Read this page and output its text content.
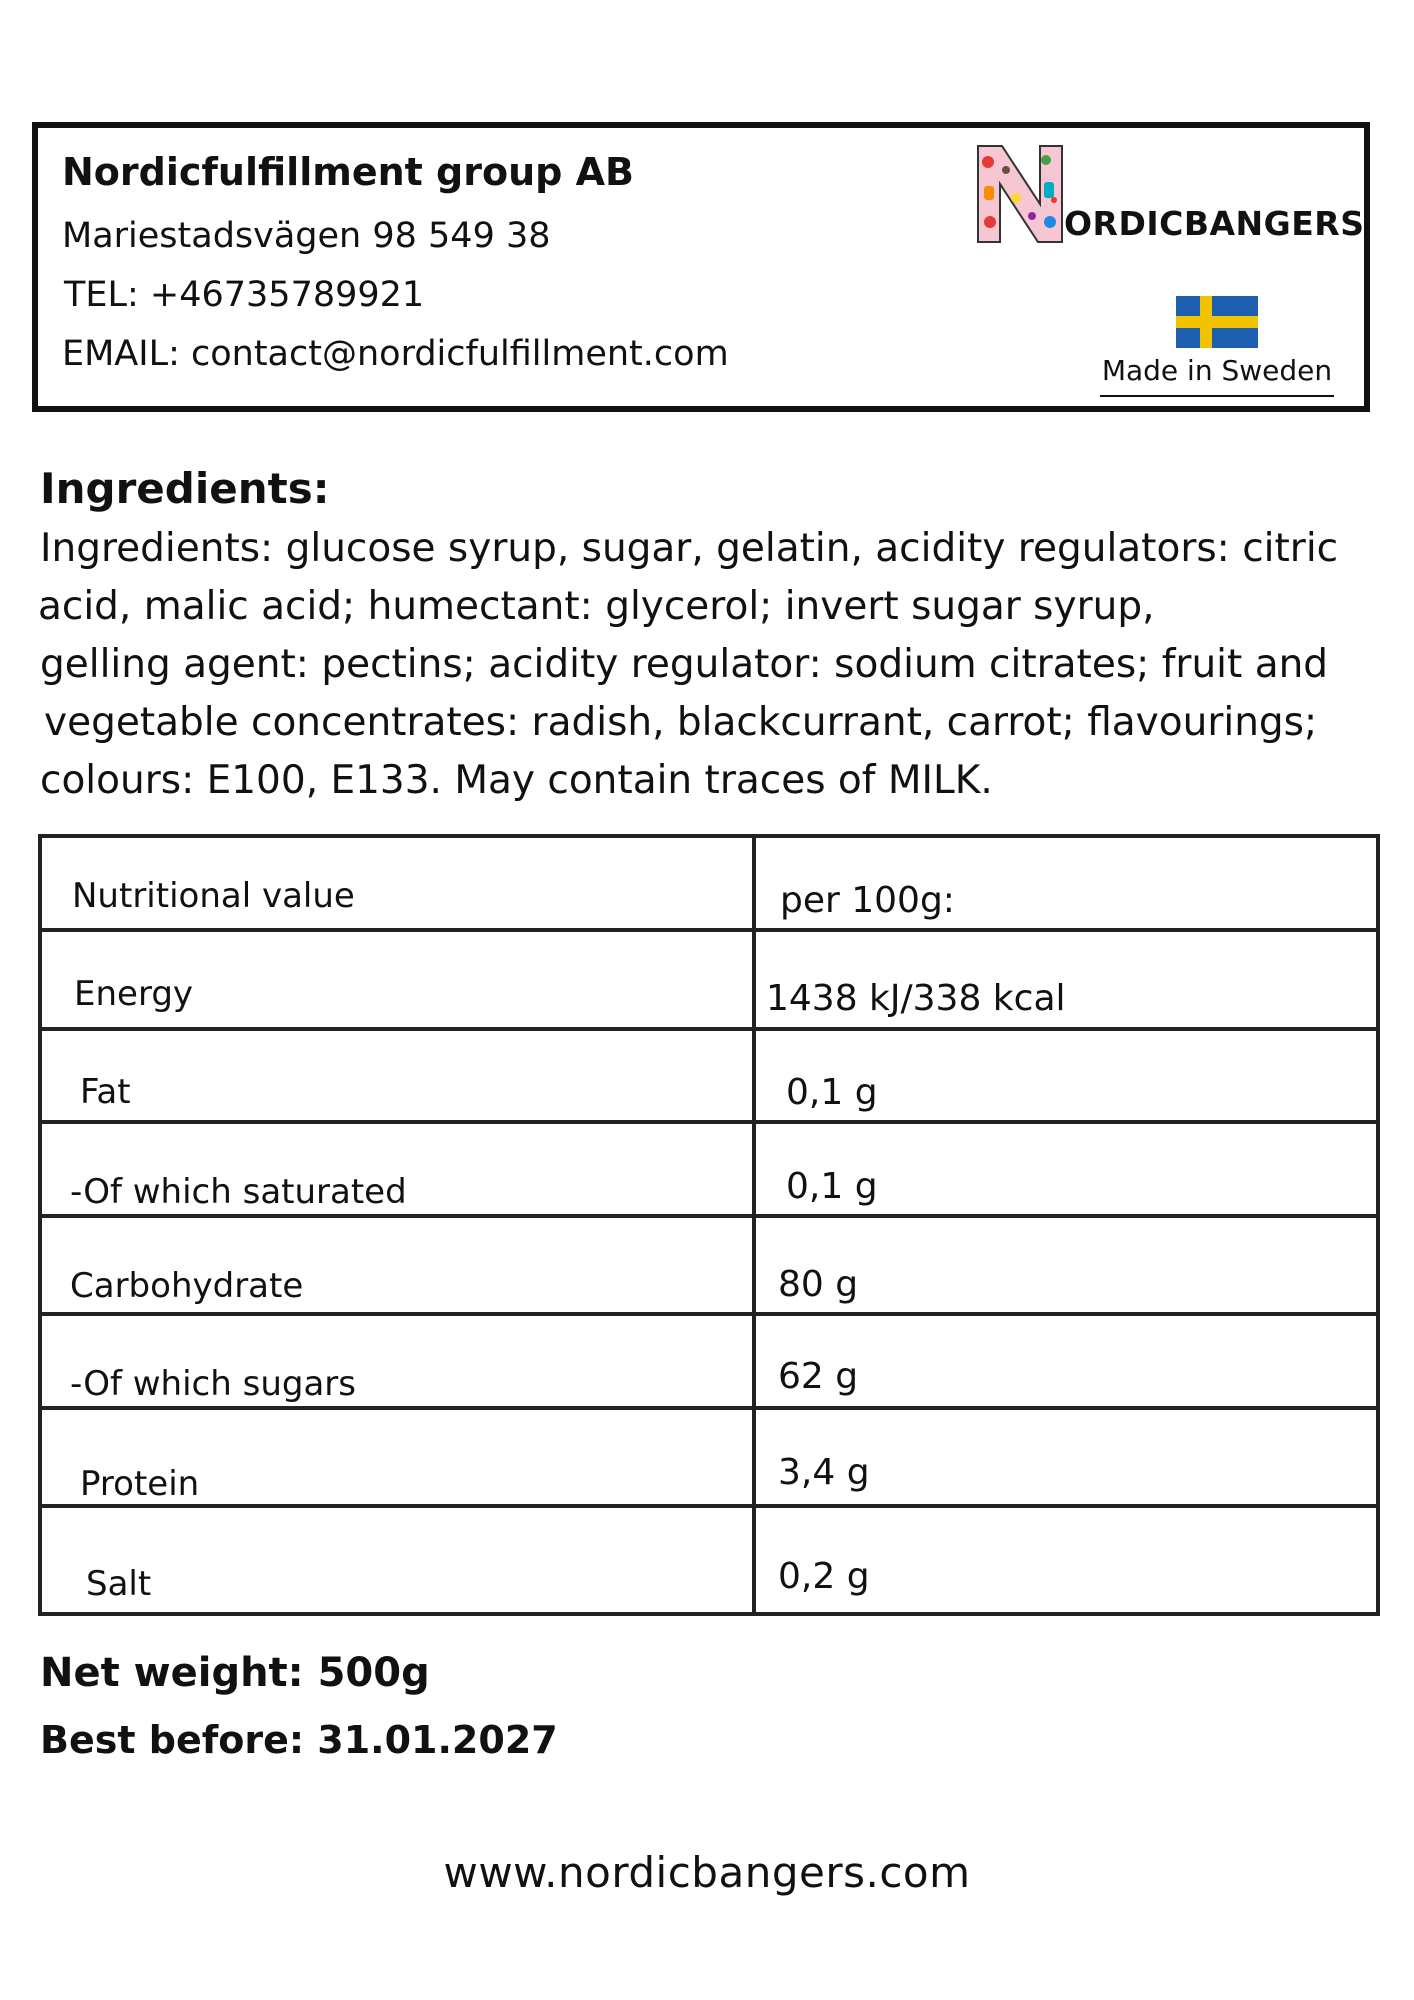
Nordicfulfillment group AB
Mariestadsvägen 98 549 38
TEL: +46735789921
EMAIL: contact@nordicfulfillment.com
ORDICBANGERS
Made in Sweden
Ingredients:
Ingredients: glucose syrup, sugar, gelatin, acidity regulators: citric
acid, malic acid; humectant: glycerol; invert sugar syrup,
gelling agent: pectins; acidity regulator: sodium citrates; fruit and
vegetable concentrates: radish, blackcurrant, carrot; flavourings;
colours: E100, E133. May contain traces of MILK.
Nutritional value	per 100g:
Energy	1438 kJ/338 kcal
Fat	0,1 g
-Of which saturated	0,1 g
Carbohydrate	80 g
-Of which sugars	62 g
Protein	3,4 g
Salt	0,2 g
Net weight: 500g
Best before: 31.01.2027
www.nordicbangers.com
